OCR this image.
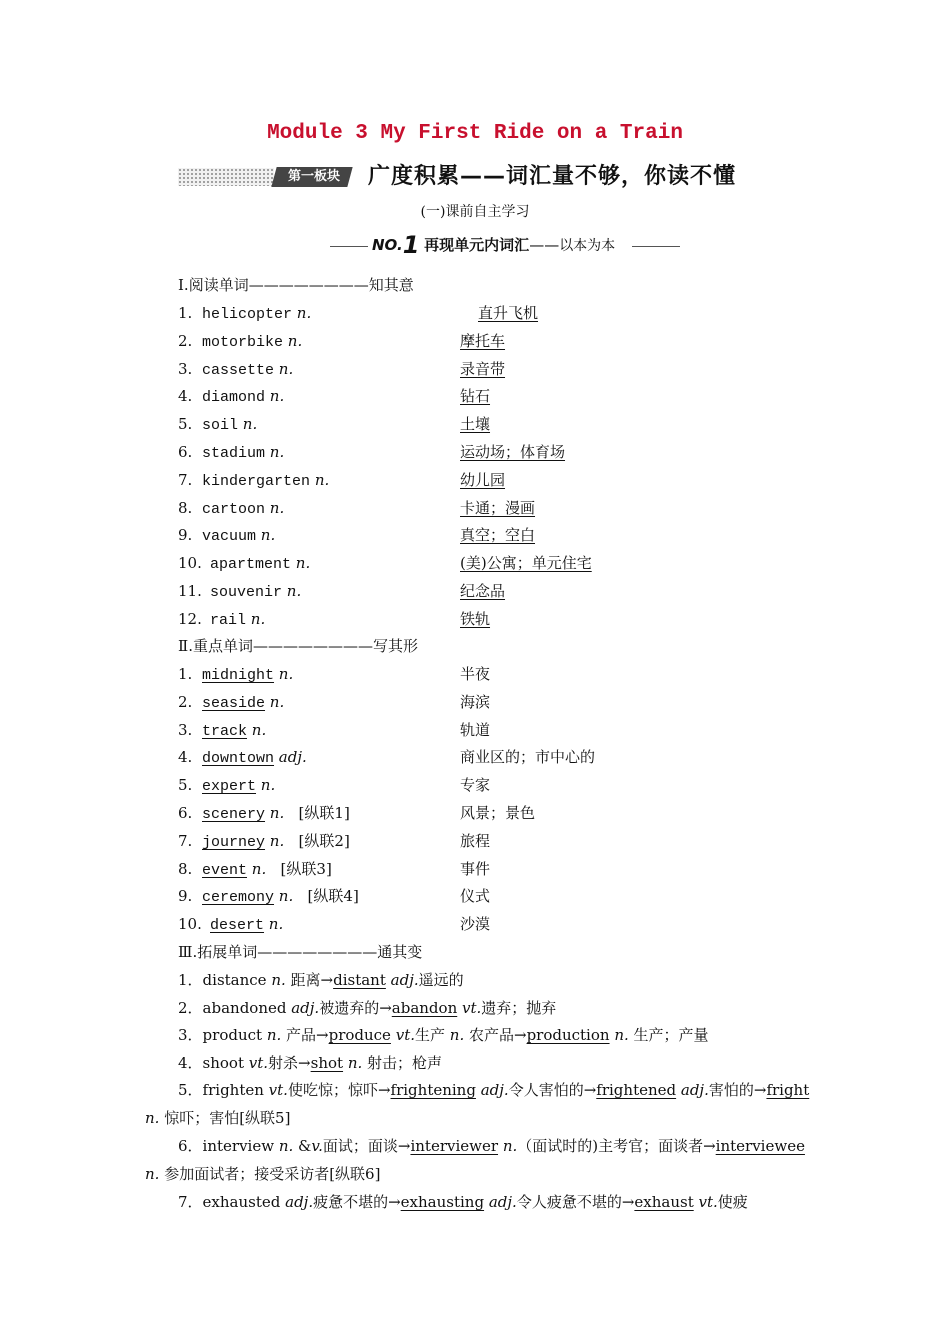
Module 3 My First Ride on a Train
第一板块	广度积累——词汇量不够，你读不懂
(一)课前自主学习
NO.1 再现单元内词汇——以本为本
Ⅰ.阅读单词————————知其意
1. helicopter n.	直升飞机
2. motorbike n.	摩托车
3. cassette n.	录音带
4. diamond n.	钻石
5. soil n.	土壤
6. stadium n.	运动场；体育场
7. kindergarten n.	幼儿园
8. cartoon n.	卡通；漫画
9. vacuum n.	真空；空白
10. apartment n.	(美)公寓；单元住宅
11. souvenir n.	纪念品
12. rail n.	铁轨
Ⅱ.重点单词————————写其形
1. midnight n.	半夜
2. seaside n.	海滨
3. track n.	轨道
4. downtown adj.	商业区的；市中心的
5. expert n.	专家
6. scenery n. [纵联1]	风景；景色
7. journey n. [纵联2]	旅程
8. event n. [纵联3]	事件
9. ceremony n. [纵联4]	仪式
10. desert n.	沙漠
Ⅲ.拓展单词————————通其变
1．distance n. 距离→distant adj.遥远的
2．abandoned adj.被遗弃的→abandon vt.遗弃；抛弃
3．product n. 产品→produce vt.生产 n. 农产品→production n. 生产；产量
4．shoot vt.射杀→shot n. 射击；枪声
5．frighten vt.使吃惊；惊吓→frightening adj.令人害怕的→frightened adj.害怕的→fright n. 惊吓；害怕[纵联5]
6．interview n. &v.面试；面谈→interviewer n.（面试时的)主考官；面谈者→interviewee n. 参加面试者；接受采访者[纵联6]
7．exhausted adj.疲惫不堪的→exhausting adj.令人疲惫不堪的→exhaust vt.使疲
